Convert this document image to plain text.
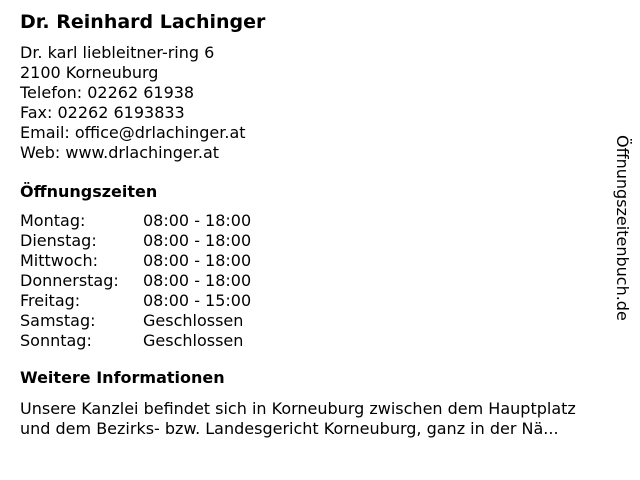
Dr. Reinhard Lachinger
Dr. karl liebleitner-ring 6
2100 Korneuburg
Telefon: 02262 61938
Fax: 02262 6193833
Email: office@drlachinger.at
Web: www.drlachinger.at
Öffnungszeiten
Montag:	08:00 - 18:00
Dienstag:	08:00 - 18:00
Mittwoch:	08:00 - 18:00
Donnerstag:	08:00 - 18:00
Freitag:	08:00 - 15:00
Samstag:	Geschlossen
Sonntag:	Geschlossen
Weitere Informationen
Unsere Kanzlei befindet sich in Korneuburg zwischen dem Hauptplatz
und dem Bezirks- bzw. Landesgericht Korneuburg, ganz in der Nä...
Öffnungszeitenbuch.de
